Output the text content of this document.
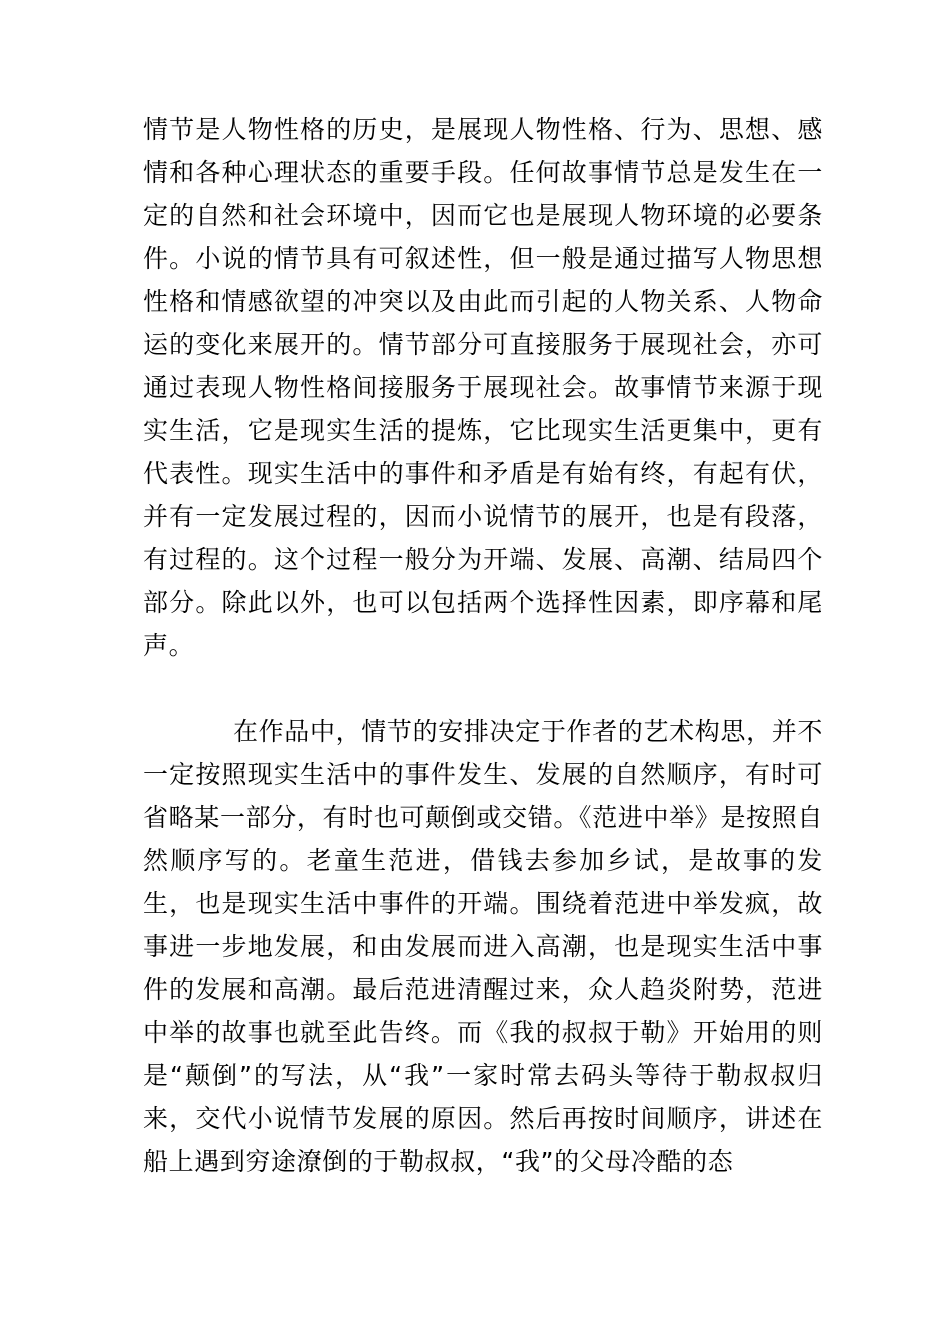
情节是人物性格的历史，是展现人物性格、行为、思想、感情和各种心理状态的重要手段。任何故事情节总是发生在一定的自然和社会环境中，因而它也是展现人物环境的必要条件。小说的情节具有可叙述性，但一般是通过描写人物思想性格和情感欲望的冲突以及由此而引起的人物关系、人物命运的变化来展开的。情节部分可直接服务于展现社会，亦可通过表现人物性格间接服务于展现社会。故事情节来源于现实生活，它是现实生活的提炼，它比现实生活更集中，更有代表性。现实生活中的事件和矛盾是有始有终，有起有伏，并有一定发展过程的，因而小说情节的展开，也是有段落，有过程的。这个过程一般分为开端、发展、高潮、结局四个部分。除此以外，也可以包括两个选择性因素，即序幕和尾声。

在作品中，情节的安排决定于作者的艺术构思，并不一定按照现实生活中的事件发生、发展的自然顺序，有时可省略某一部分，有时也可颠倒或交错。《范进中举》是按照自然顺序写的。老童生范进，借钱去参加乡试，是故事的发生，也是现实生活中事件的开端。围绕着范进中举发疯，故事进一步地发展，和由发展而进入高潮，也是现实生活中事件的发展和高潮。最后范进清醒过来，众人趋炎附势，范进中举的故事也就至此告终。而《我的叔叔于勒》开始用的则是“颠倒”的写法，从“我”一家时常去码头等待于勒叔叔归来，交代小说情节发展的原因。然后再按时间顺序，讲述在船上遇到穷途潦倒的于勒叔叔，“我”的父母冷酷的态
